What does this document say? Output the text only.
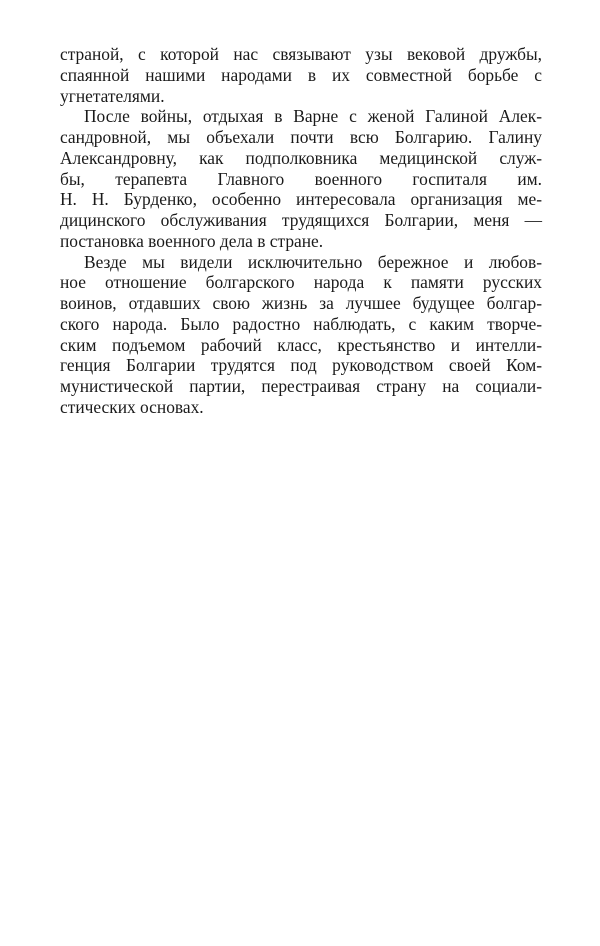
страной, с которой нас связывают узы вековой дружбы,
спаянной нашими народами в их совместной борьбе с
угнетателями.
После войны, отдыхая в Варне с женой Галиной Алек-
сандровной, мы объехали почти всю Болгарию. Галину
Александровну, как подполковника медицинской служ-
бы, терапевта Главного военного госпиталя им.
Н. Н. Бурденко, особенно интересовала организация ме-
дицинского обслуживания трудящихся Болгарии, меня —
постановка военного дела в стране.
Везде мы видели исключительно бережное и любов-
ное отношение болгарского народа к памяти русских
воинов, отдавших свою жизнь за лучшее будущее болгар-
ского народа. Было радостно наблюдать, с каким творче-
ским подъемом рабочий класс, крестьянство и интелли-
генция Болгарии трудятся под руководством своей Ком-
мунистической партии, перестраивая страну на социали-
стических основах.
